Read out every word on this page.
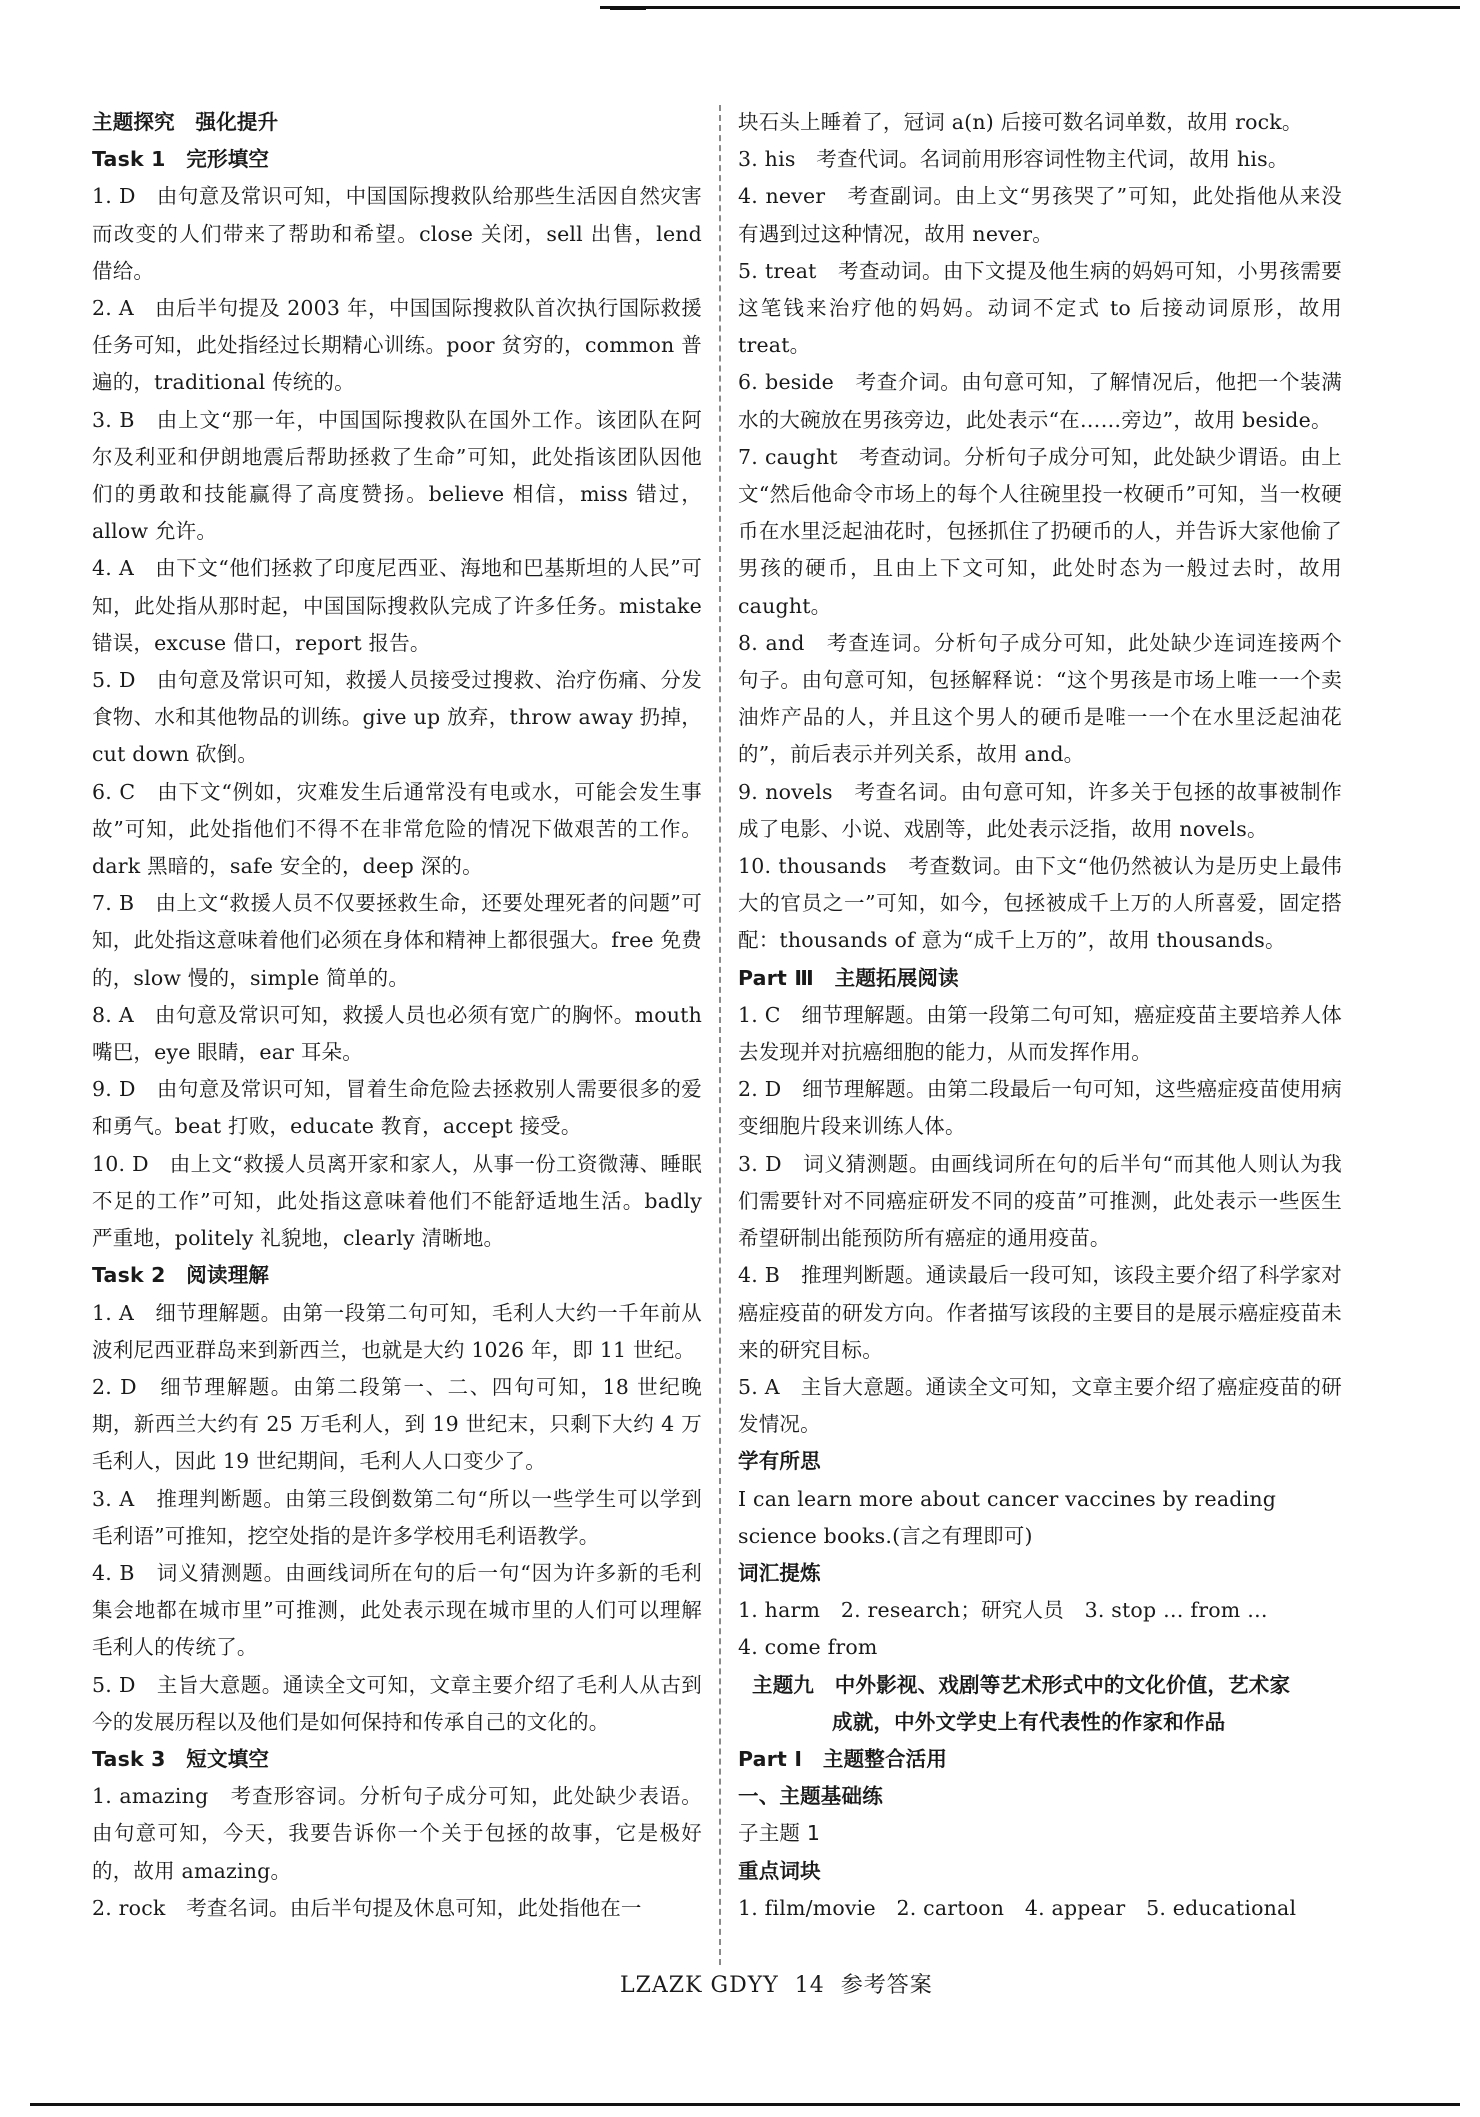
主题探究　强化提升
Task 1　完形填空

1. D　由句意及常识可知，中国国际搜救队给那些生活因自然灾害而改变的人们带来了帮助和希望。close 关闭，sell 出售，lend 借给。

2. A　由后半句提及 2003 年，中国国际搜救队首次执行国际救援任务可知，此处指经过长期精心训练。poor 贫穷的，common 普遍的，traditional 传统的。

3. B　由上文“那一年，中国国际搜救队在国外工作。该团队在阿尔及利亚和伊朗地震后帮助拯救了生命”可知，此处指该团队因他们的勇敢和技能赢得了高度赞扬。believe 相信，miss 错过，allow 允许。

4. A　由下文“他们拯救了印度尼西亚、海地和巴基斯坦的人民”可知，此处指从那时起，中国国际搜救队完成了许多任务。mistake 错误，excuse 借口，report 报告。

5. D　由句意及常识可知，救援人员接受过搜救、治疗伤痛、分发食物、水和其他物品的训练。give up 放弃，throw away 扔掉，cut down 砍倒。

6. C　由下文“例如，灾难发生后通常没有电或水，可能会发生事故”可知，此处指他们不得不在非常危险的情况下做艰苦的工作。dark 黑暗的，safe 安全的，deep 深的。

7. B　由上文“救援人员不仅要拯救生命，还要处理死者的问题”可知，此处指这意味着他们必须在身体和精神上都很强大。free 免费的，slow 慢的，simple 简单的。

8. A　由句意及常识可知，救援人员也必须有宽广的胸怀。mouth 嘴巴，eye 眼睛，ear 耳朵。

9. D　由句意及常识可知，冒着生命危险去拯救别人需要很多的爱和勇气。beat 打败，educate 教育，accept 接受。

10. D　由上文“救援人员离开家和家人，从事一份工资微薄、睡眠不足的工作”可知，此处指这意味着他们不能舒适地生活。badly 严重地，politely 礼貌地，clearly 清晰地。

Task 2　阅读理解

1. A　细节理解题。由第一段第二句可知，毛利人大约一千年前从波利尼西亚群岛来到新西兰，也就是大约 1026 年，即 11 世纪。

2. D　细节理解题。由第二段第一、二、四句可知，18 世纪晚期，新西兰大约有 25 万毛利人，到 19 世纪末，只剩下大约 4 万毛利人，因此 19 世纪期间，毛利人人口变少了。

3. A　推理判断题。由第三段倒数第二句“所以一些学生可以学到毛利语”可推知，挖空处指的是许多学校用毛利语教学。

4. B　词义猜测题。由画线词所在句的后一句“因为许多新的毛利集会地都在城市里”可推测，此处表示现在城市里的人们可以理解毛利人的传统了。

5. D　主旨大意题。通读全文可知，文章主要介绍了毛利人从古到今的发展历程以及他们是如何保持和传承自己的文化的。

Task 3　短文填空

1. amazing　考查形容词。分析句子成分可知，此处缺少表语。由句意可知，今天，我要告诉你一个关于包拯的故事，它是极好的，故用 amazing。

2. rock　考查名词。由后半句提及休息可知，此处指他在一

块石头上睡着了，冠词 a(n) 后接可数名词单数，故用 rock。

3. his　考查代词。名词前用形容词性物主代词，故用 his。

4. never　考查副词。由上文“男孩哭了”可知，此处指他从来没有遇到过这种情况，故用 never。

5. treat　考查动词。由下文提及他生病的妈妈可知，小男孩需要这笔钱来治疗他的妈妈。动词不定式 to 后接动词原形，故用 treat。

6. beside　考查介词。由句意可知，了解情况后，他把一个装满水的大碗放在男孩旁边，此处表示“在……旁边”，故用 beside。

7. caught　考查动词。分析句子成分可知，此处缺少谓语。由上文“然后他命令市场上的每个人往碗里投一枚硬币”可知，当一枚硬币在水里泛起油花时，包拯抓住了扔硬币的人，并告诉大家他偷了男孩的硬币，且由上下文可知，此处时态为一般过去时，故用 caught。

8. and　考查连词。分析句子成分可知，此处缺少连词连接两个句子。由句意可知，包拯解释说：“这个男孩是市场上唯一一个卖油炸产品的人，并且这个男人的硬币是唯一一个在水里泛起油花的”，前后表示并列关系，故用 and。

9. novels　考查名词。由句意可知，许多关于包拯的故事被制作成了电影、小说、戏剧等，此处表示泛指，故用 novels。

10. thousands　考查数词。由下文“他仍然被认为是历史上最伟大的官员之一”可知，如今，包拯被成千上万的人所喜爱，固定搭配：thousands of 意为“成千上万的”，故用 thousands。

Part Ⅲ　主题拓展阅读

1. C　细节理解题。由第一段第二句可知，癌症疫苗主要培养人体去发现并对抗癌细胞的能力，从而发挥作用。

2. D　细节理解题。由第二段最后一句可知，这些癌症疫苗使用病变细胞片段来训练人体。

3. D　词义猜测题。由画线词所在句的后半句“而其他人则认为我们需要针对不同癌症研发不同的疫苗”可推测，此处表示一些医生希望研制出能预防所有癌症的通用疫苗。

4. B　推理判断题。通读最后一段可知，该段主要介绍了科学家对癌症疫苗的研发方向。作者描写该段的主要目的是展示癌症疫苗未来的研究目标。

5. A　主旨大意题。通读全文可知，文章主要介绍了癌症疫苗的研发情况。

学有所思

I can learn more about cancer vaccines by reading science books.(言之有理即可)

词汇提炼

1. harm　2. research；研究人员　3. stop … from …

4. come from

主题九　中外影视、戏剧等艺术形式中的文化价值，艺术家
成就，中外文学史上有代表性的作家和作品
Part Ⅰ　主题整合活用
一、主题基础练
子主题 1
重点词块

1. film/movie　2. cartoon　4. appear　5. educational

LZAZK GDYY 14 参考答案
